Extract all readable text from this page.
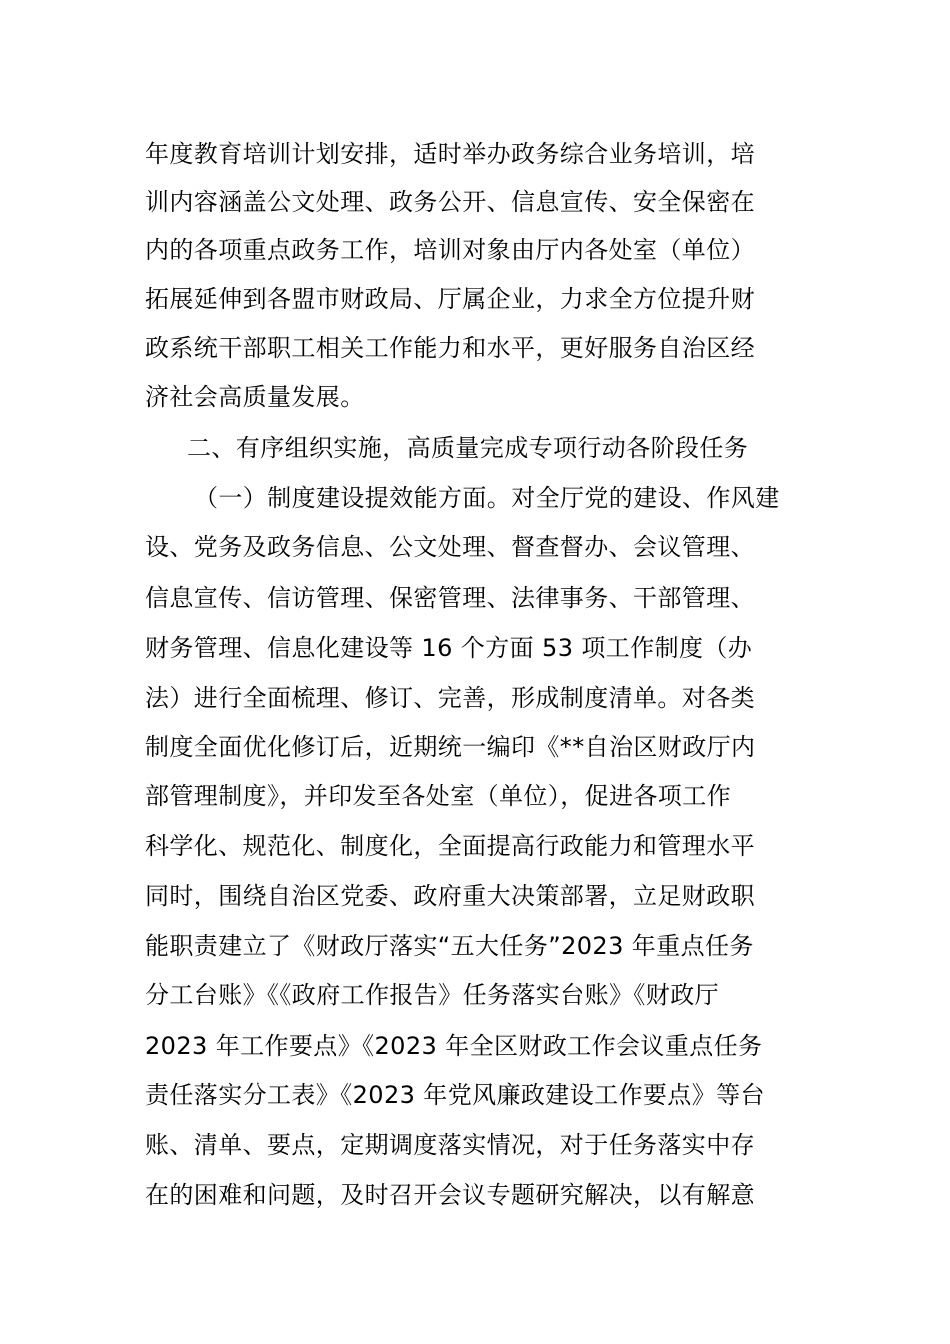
年度教育培训计划安排，适时举办政务综合业务培训，培
训内容涵盖公文处理、政务公开、信息宣传、安全保密在
内的各项重点政务工作，培训对象由厅内各处室（单位）
拓展延伸到各盟市财政局、厅属企业，力求全方位提升财
政系统干部职工相关工作能力和水平，更好服务自治区经
济社会高质量发展。
二、有序组织实施，高质量完成专项行动各阶段任务
（一）制度建设提效能方面。对全厅党的建设、作风建
设、党务及政务信息、公文处理、督查督办、会议管理、
信息宣传、信访管理、保密管理、法律事务、干部管理、
财务管理、信息化建设等 16 个方面 53 项工作制度（办
法）进行全面梳理、修订、完善，形成制度清单。对各类
制度全面优化修订后，近期统一编印《**自治区财政厅内
部管理制度》，并印发至各处室（单位），促进各项工作
科学化、规范化、制度化，全面提高行政能力和管理水平
同时，围绕自治区党委、政府重大决策部署，立足财政职
能职责建立了《财政厅落实“五大任务”2023 年重点任务
分工台账》《《政府工作报告》任务落实台账》《财政厅
2023 年工作要点》《2023 年全区财政工作会议重点任务
责任落实分工表》《2023 年党风廉政建设工作要点》等台
账、清单、要点，定期调度落实情况，对于任务落实中存
在的困难和问题，及时召开会议专题研究解决，以有解意
